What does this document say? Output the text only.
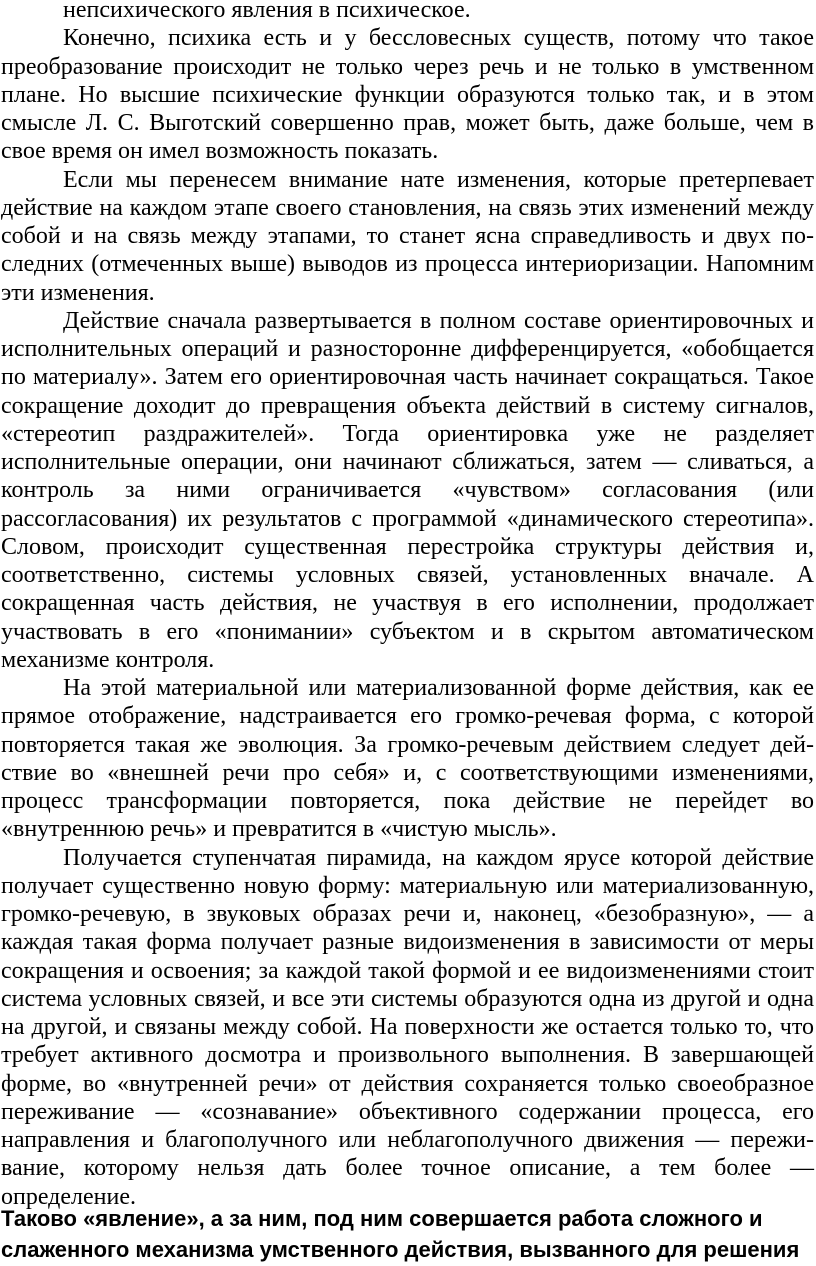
непсихического явления в психическое.

Конечно, психика есть и у бессловесных существ, потому что такое преобразование происходит не только через речь и не только в умственном плане. Но высшие психические функции образуются только так, и в этом смысле Л. С. Выготский совершенно прав, может быть, даже больше, чем в свое время он имел возможность показать.

Если мы перенесем внимание нате изменения, которые претерпевает действие на каждом этапе своего становления, на связь этих изменений между собой и на связь между этапами, то станет ясна справедливость и двух последних (отмеченных выше) выводов из процесса интериоризации. Напомним эти изменения.

Действие сначала развертывается в полном составе ориентировочных и исполнительных операций и разносторонне дифференцируется, «обобщается по материалу». Затем его ориентировочная часть начинает сокращаться. Такое сокращение доходит до превращения объекта действий в систему сигналов, «стереотип раздражителей». Тогда ориентировка уже не разделяет исполнительные операции, они начинают сближаться, затем — сливаться, а контроль за ними ограничивается «чувством» согласования (или рассогласования) их результатов с программой «динамического стереотипа». Словом, происходит существенная перестройка структуры действия и, соответственно, системы условных связей, установленных вначале. А сокращенная часть действия, не участвуя в его исполнении, продолжает участвовать в его «понимании» субъектом и в скрытом автоматическом механизме контроля.

На этой материальной или материализованной форме действия, как ее прямое отображение, надстраивается его громко-речевая форма, с которой повторяется такая же эволюция. За громко-речевым действием следует действие во «внешней речи про себя» и, с соответствующими изменениями, процесс трансформации повторяется, пока действие не перейдет во «внутреннюю речь» и превратится в «чистую мысль».

Получается ступенчатая пирамида, на каждом ярусе которой действие получает существенно новую форму: материальную или материализованную, громко-речевую, в звуковых образах речи и, наконец, «безобразную», — а каждая такая форма получает разные видоизменения в зависимости от меры сокращения и освоения; за каждой такой формой и ее видоизменениями стоит система условных связей, и все эти системы образуются одна из другой и одна на другой, и связаны между собой. На поверхности же остается только то, что требует активного досмотра и произвольного выполнения. В завершающей форме, во «внутренней речи» от действия сохраняется только своеобразное переживание — «сознавание» объективного содержании процесса, его направления и благополучного или неблагополучного движения — переживание, которому нельзя дать более точное описание, а тем более — определение.

Таково «явление», а за ним, под ним совершается работа сложного и
слаженного механизма умственного действия, вызванного для решения
